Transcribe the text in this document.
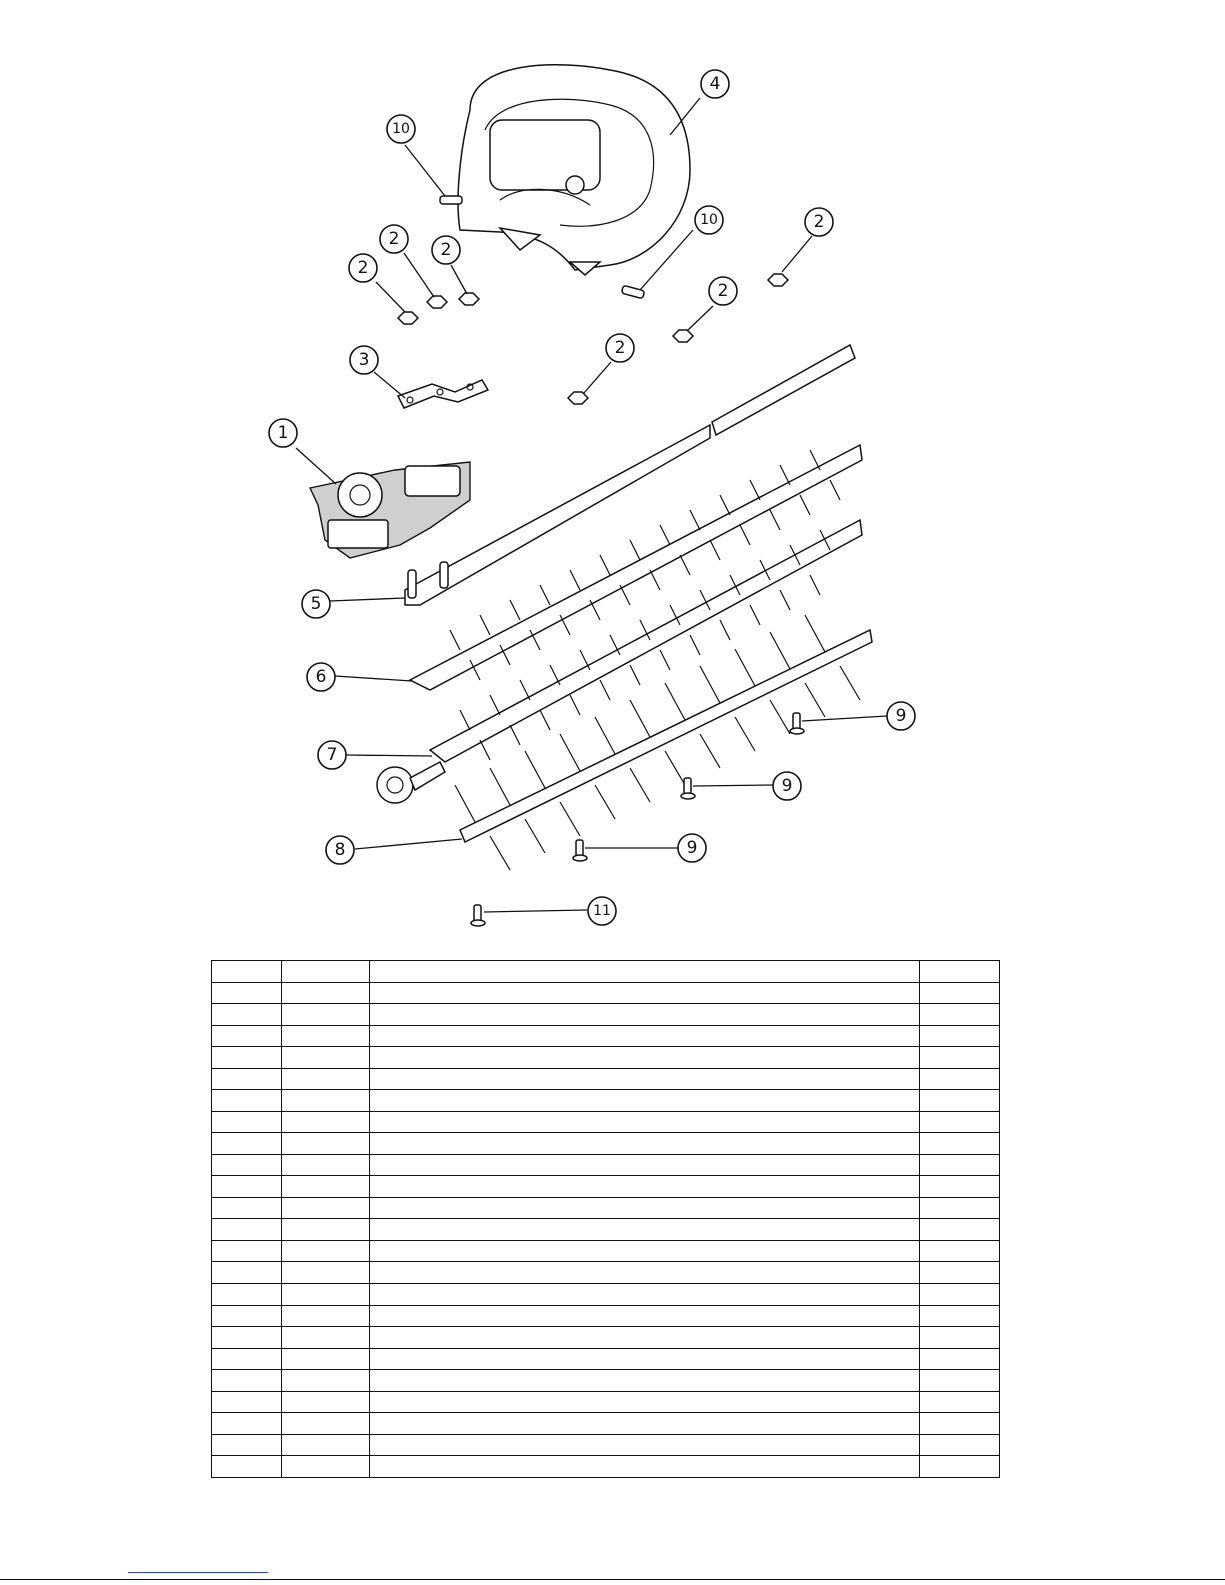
1
2
2
2
2
2
2
3
4
5
6
7
8
9
9
9
10
10
11
